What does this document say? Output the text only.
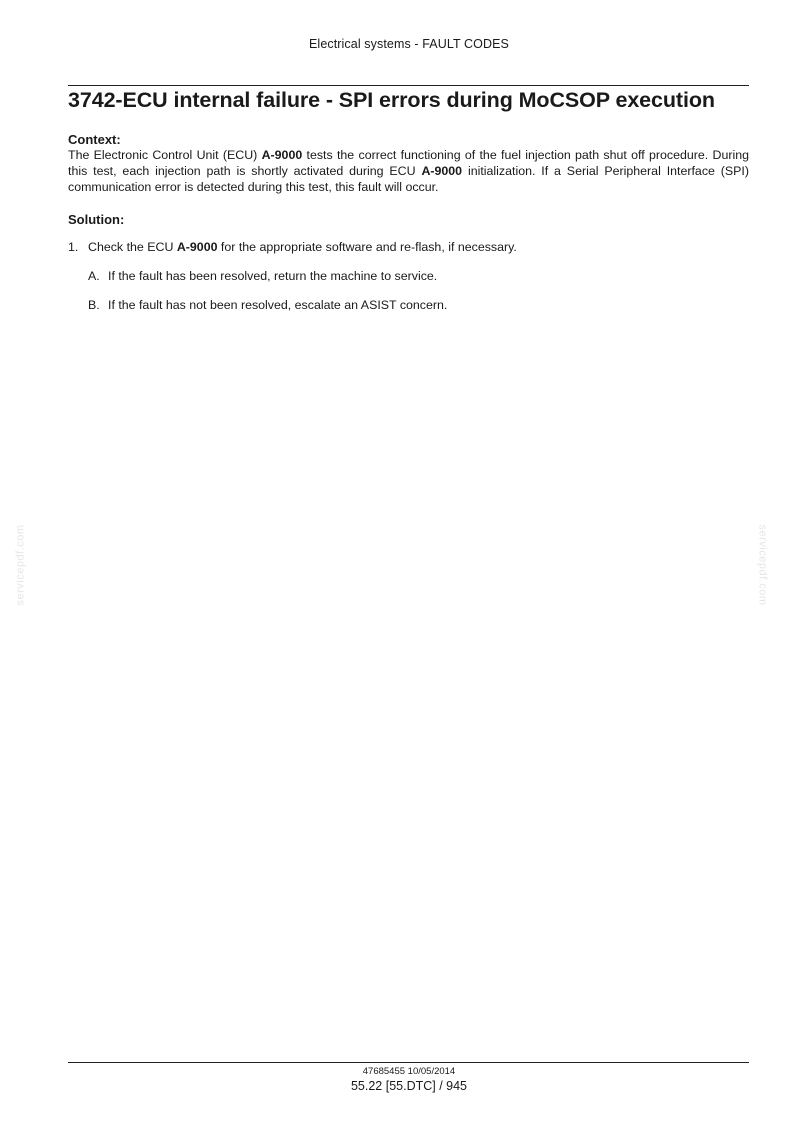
Electrical systems - FAULT CODES
3742-ECU internal failure - SPI errors during MoCSOP execution
Context:

The Electronic Control Unit (ECU) A-9000 tests the correct functioning of the fuel injection path shut off procedure. During this test, each injection path is shortly activated during ECU A-9000 initialization. If a Serial Peripheral Interface (SPI) communication error is detected during this test, this fault will occur.

Solution:
1. Check the ECU A-9000 for the appropriate software and re-flash, if necessary.
A. If the fault has been resolved, return the machine to service.
B. If the fault has not been resolved, escalate an ASIST concern.
servicepdf.com	servicepdf.com
47685455 10/05/2014
55.22 [55.DTC] / 945
